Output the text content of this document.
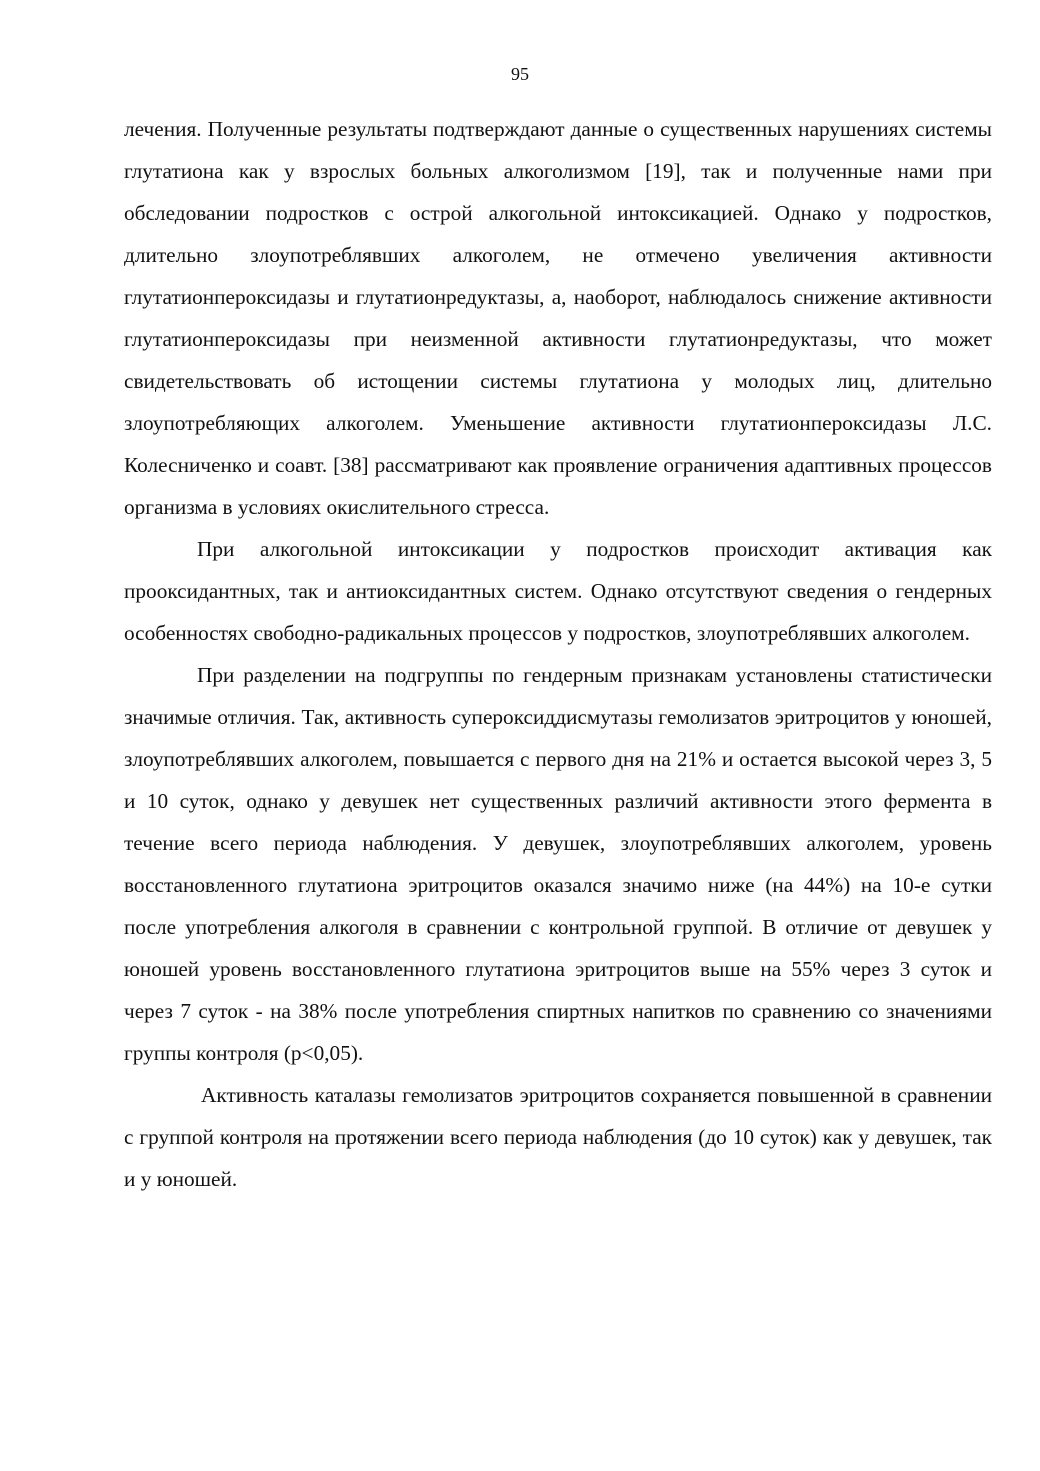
95

лечения. Полученные результаты подтверждают данные о существенных нарушениях системы глутатиона как у взрослых больных алкоголизмом [19], так и полученные нами при обследовании подростков с острой алкогольной интоксикацией. Однако у подростков, длительно злоупотреблявших алкоголем, не отмечено увеличения активности глутатионпероксидазы и глутатионредуктазы, а, наоборот, наблюдалось снижение активности глутатионпероксидазы при неизменной активности глутатионредуктазы, что может свидетельствовать об истощении системы глутатиона у молодых лиц, длительно злоупотребляющих алкоголем. Уменьшение активности глутатионпероксидазы Л.С. Колесниченко и соавт. [38] рассматривают как проявление ограничения адаптивных процессов организма в условиях окислительного стресса.

При алкогольной интоксикации у подростков происходит активация как прооксидантных, так и антиоксидантных систем. Однако отсутствуют сведения о гендерных особенностях свободно-радикальных процессов у подростков, злоупотреблявших алкоголем.

При разделении на подгруппы по гендерным признакам установлены статистически значимые отличия. Так, активность супероксиддисмутазы гемолизатов эритроцитов у юношей, злоупотреблявших алкоголем, повышается с первого дня на 21% и остается высокой через 3, 5 и 10 суток, однако у девушек нет существенных различий активности этого фермента в течение всего периода наблюдения. У девушек, злоупотреблявших алкоголем, уровень восстановленного глутатиона эритроцитов оказался значимо ниже (на 44%) на 10-е сутки после употребления алкоголя в сравнении с контрольной группой. В отличие от девушек у юношей уровень восстановленного глутатиона эритроцитов выше на 55% через 3 суток и через 7 суток - на 38% после употребления спиртных напитков по сравнению со значениями группы контроля (p<0,05).

Активность каталазы гемолизатов эритроцитов сохраняется повышенной в сравнении с группой контроля на протяжении всего периода наблюдения (до 10 суток) как у девушек, так и у юношей.
